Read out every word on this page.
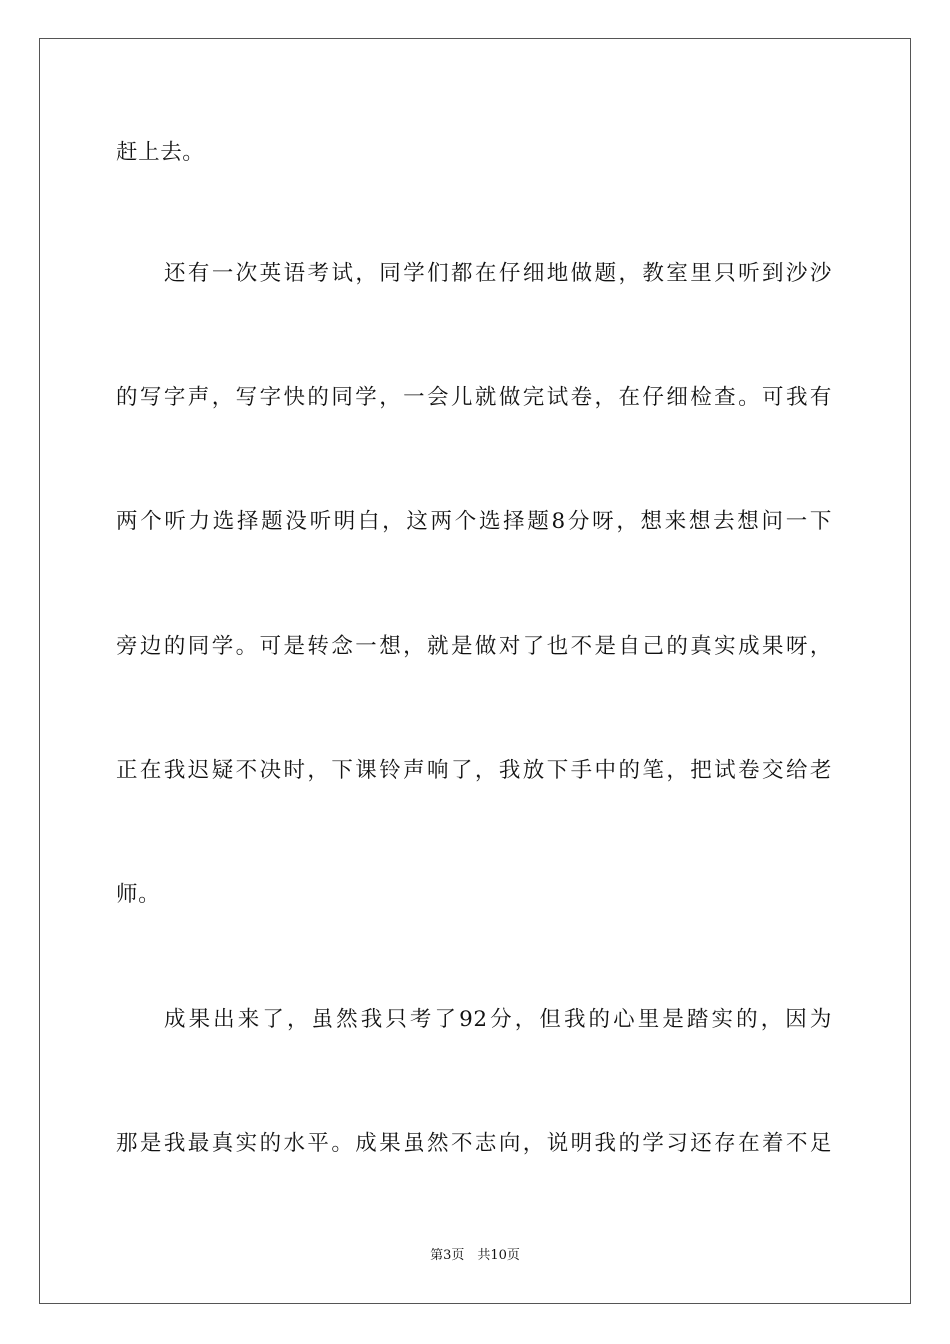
赶上去。
还有一次英语考试，同学们都在仔细地做题，教室里只听到沙沙
的写字声，写字快的同学，一会儿就做完试卷，在仔细检查。可我有
两个听力选择题没听明白，这两个选择题8分呀，想来想去想问一下
旁边的同学。可是转念一想，就是做对了也不是自己的真实成果呀，
正在我迟疑不决时，下课铃声响了，我放下手中的笔，把试卷交给老
师。
成果出来了，虽然我只考了92分，但我的心里是踏实的，因为
那是我最真实的水平。成果虽然不志向，说明我的学习还存在着不足
第3页　共10页
